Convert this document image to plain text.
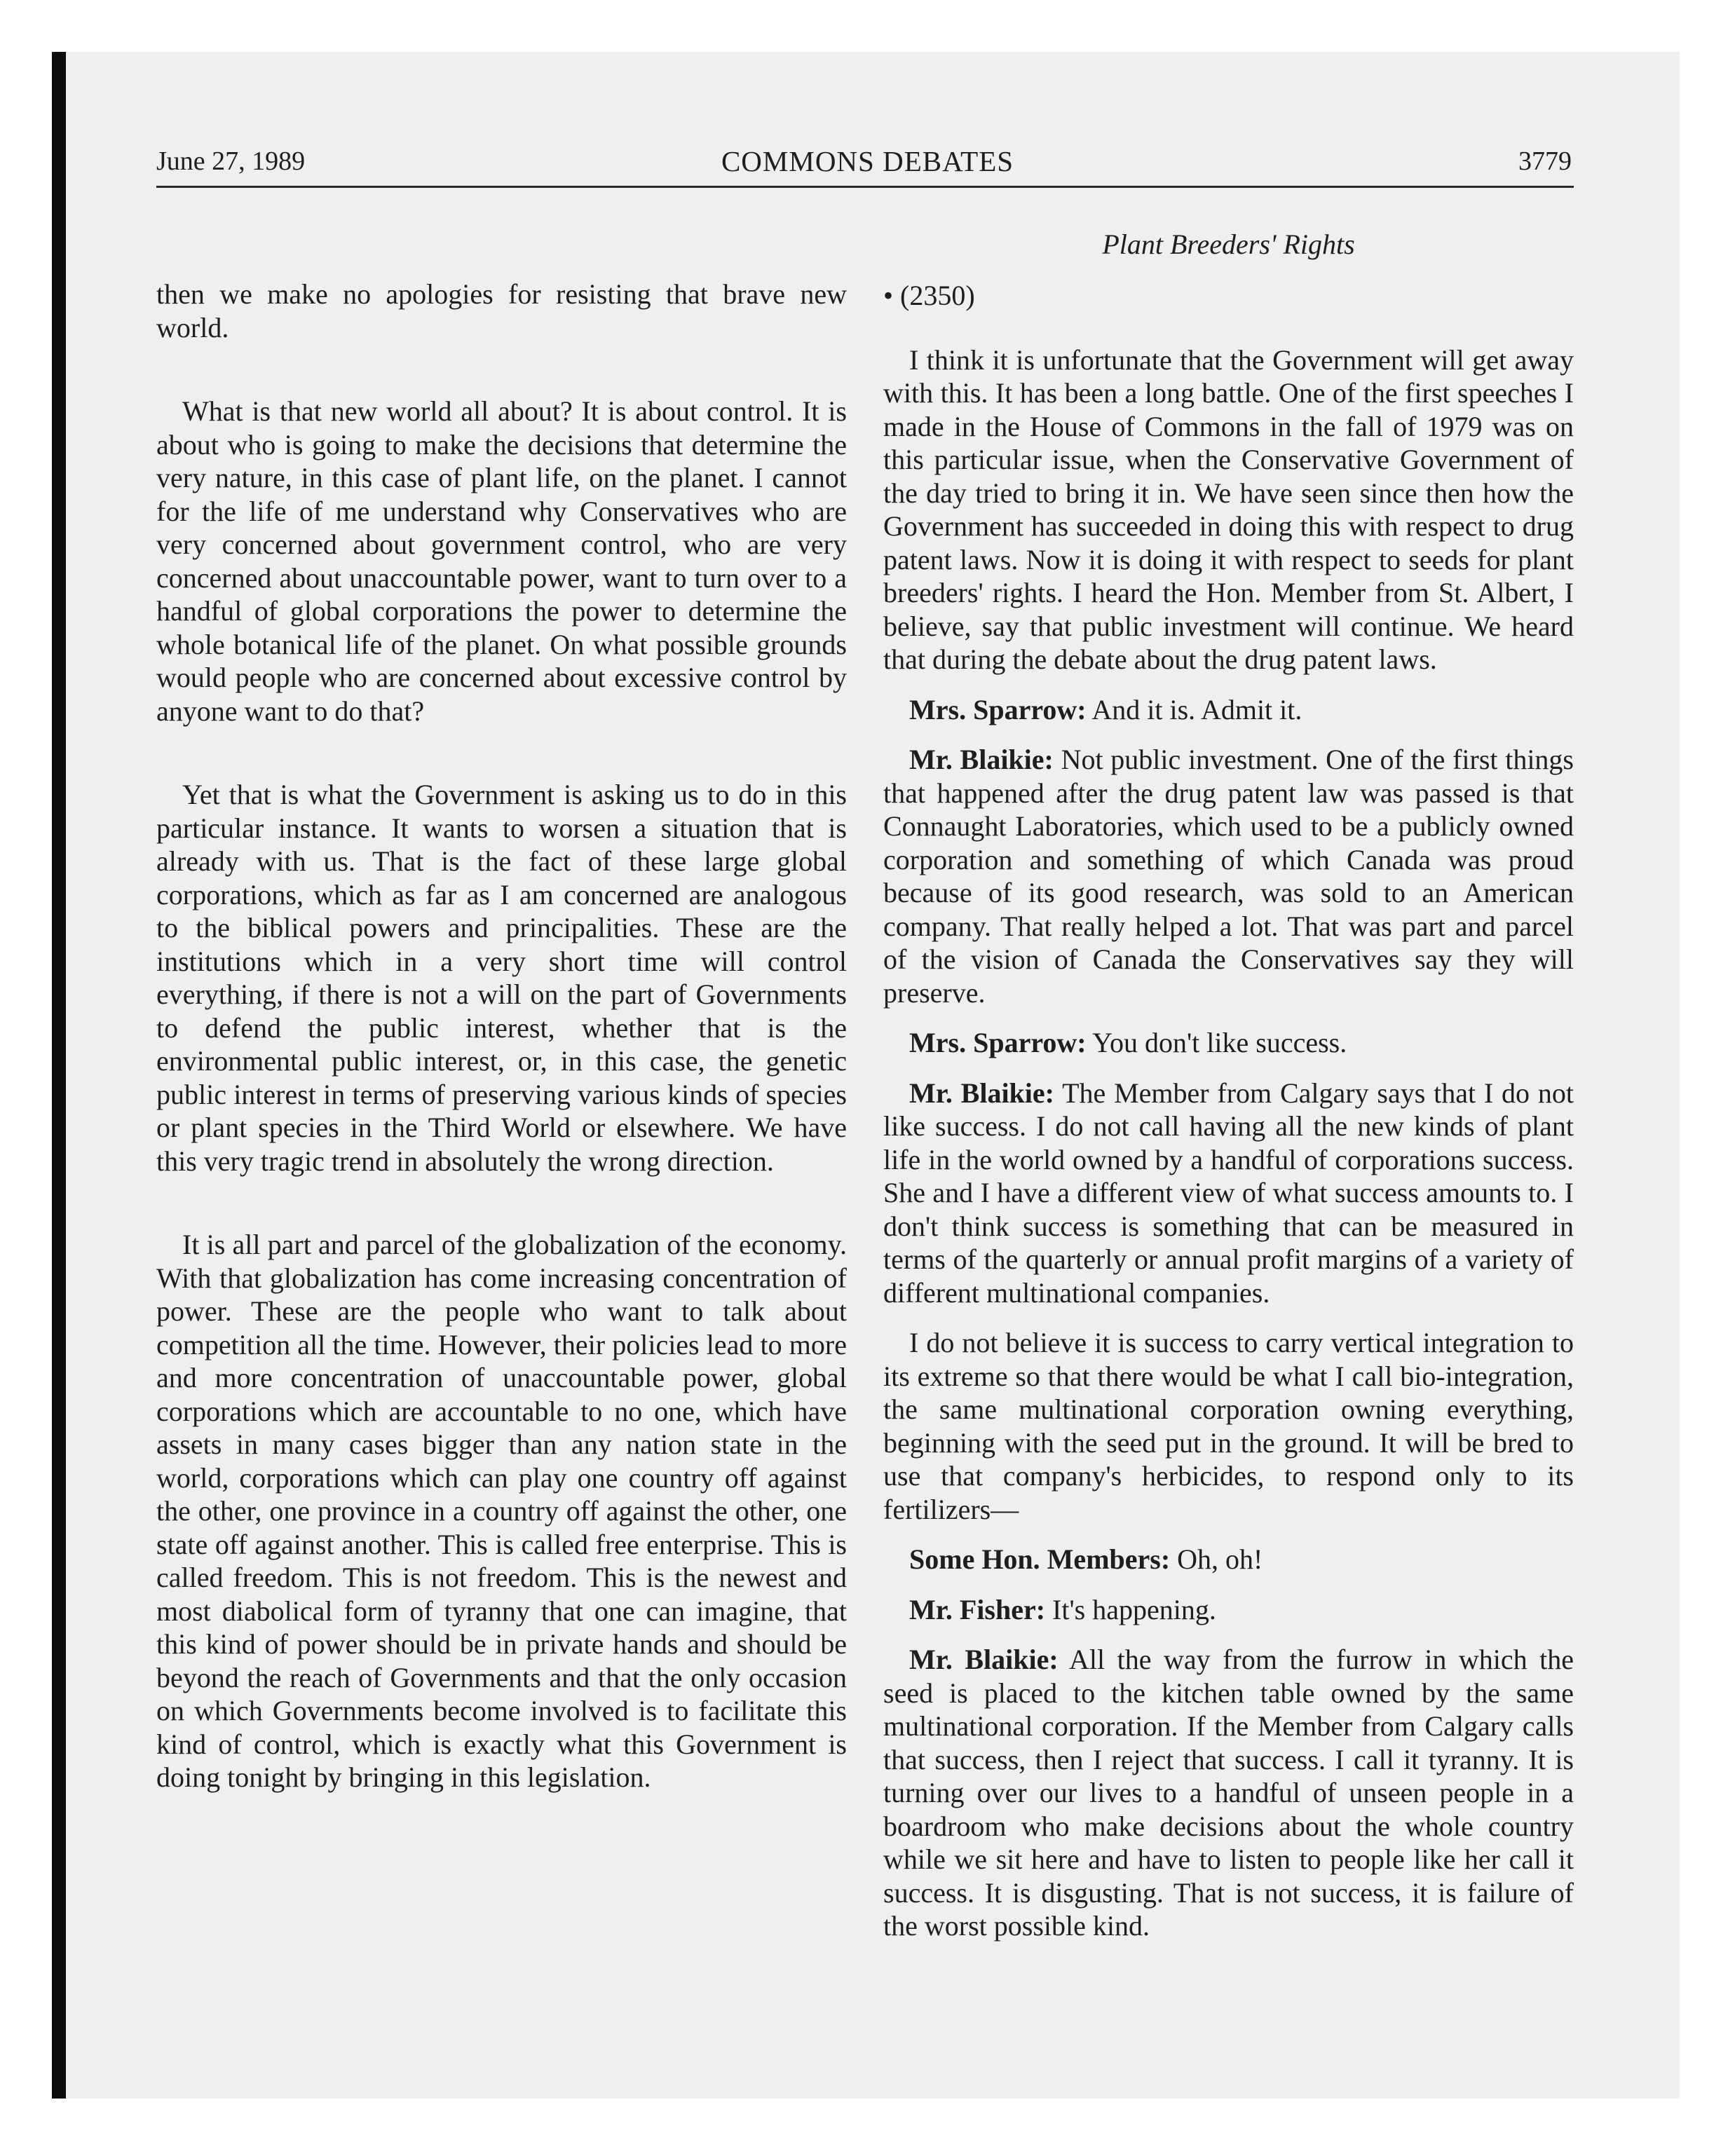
June 27, 1989	COMMONS DEBATES	3779
Plant Breeders' Rights

then we make no apologies for resisting that brave new world.

What is that new world all about? It is about control. It is about who is going to make the decisions that determine the very nature, in this case of plant life, on the planet. I cannot for the life of me understand why Conservatives who are very concerned about government control, who are very concerned about unaccountable power, want to turn over to a handful of global corporations the power to determine the whole botanical life of the planet. On what possible grounds would people who are concerned about excessive control by anyone want to do that?

Yet that is what the Government is asking us to do in this particular instance. It wants to worsen a situation that is already with us. That is the fact of these large global corporations, which as far as I am concerned are analogous to the biblical powers and principalities. These are the institutions which in a very short time will control everything, if there is not a will on the part of Governments to defend the public interest, whether that is the environmental public interest, or, in this case, the genetic public interest in terms of preserving various kinds of species or plant species in the Third World or elsewhere. We have this very tragic trend in absolutely the wrong direction.

It is all part and parcel of the globalization of the economy. With that globalization has come increasing concentration of power. These are the people who want to talk about competition all the time. However, their policies lead to more and more concentration of unaccountable power, global corporations which are accountable to no one, which have assets in many cases bigger than any nation state in the world, corporations which can play one country off against the other, one province in a country off against the other, one state off against another. This is called free enterprise. This is called freedom. This is not freedom. This is the newest and most diabolical form of tyranny that one can imagine, that this kind of power should be in private hands and should be beyond the reach of Governments and that the only occasion on which Governments become involved is to facilitate this kind of control, which is exactly what this Government is doing tonight by bringing in this legislation.

• (2350)

I think it is unfortunate that the Government will get away with this. It has been a long battle. One of the first speeches I made in the House of Commons in the fall of 1979 was on this particular issue, when the Conservative Government of the day tried to bring it in. We have seen since then how the Government has succeeded in doing this with respect to drug patent laws. Now it is doing it with respect to seeds for plant breeders' rights. I heard the Hon. Member from St. Albert, I believe, say that public investment will continue. We heard that during the debate about the drug patent laws.

Mrs. Sparrow: And it is. Admit it.

Mr. Blaikie: Not public investment. One of the first things that happened after the drug patent law was passed is that Connaught Laboratories, which used to be a publicly owned corporation and something of which Canada was proud because of its good research, was sold to an American company. That really helped a lot. That was part and parcel of the vision of Canada the Conservatives say they will preserve.

Mrs. Sparrow: You don't like success.

Mr. Blaikie: The Member from Calgary says that I do not like success. I do not call having all the new kinds of plant life in the world owned by a handful of corporations success. She and I have a different view of what success amounts to. I don't think success is something that can be measured in terms of the quarterly or annual profit margins of a variety of different multinational companies.

I do not believe it is success to carry vertical integration to its extreme so that there would be what I call bio-integration, the same multinational corporation owning everything, beginning with the seed put in the ground. It will be bred to use that company's herbicides, to respond only to its fertilizers—

Some Hon. Members: Oh, oh!

Mr. Fisher: It's happening.

Mr. Blaikie: All the way from the furrow in which the seed is placed to the kitchen table owned by the same multinational corporation. If the Member from Calgary calls that success, then I reject that success. I call it tyranny. It is turning over our lives to a handful of unseen people in a boardroom who make decisions about the whole country while we sit here and have to listen to people like her call it success. It is disgusting. That is not success, it is failure of the worst possible kind.
